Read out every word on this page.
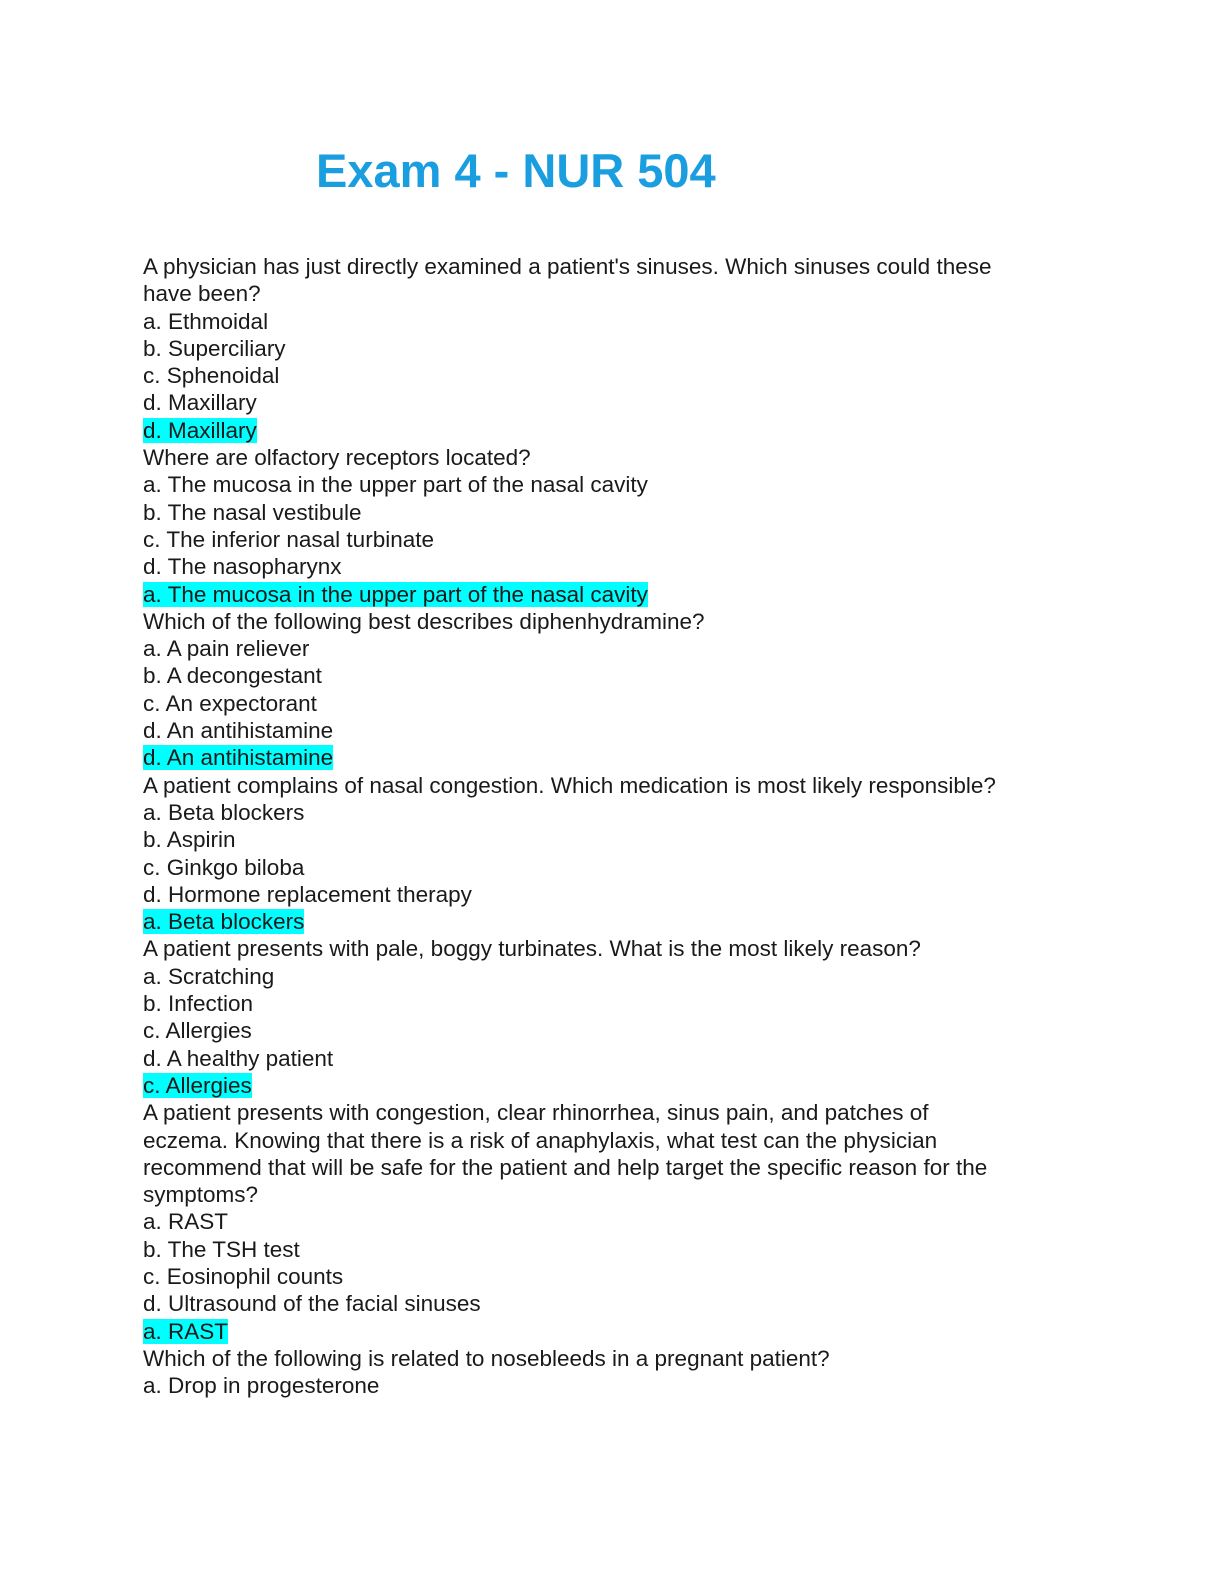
Exam 4 - NUR 504
A physician has just directly examined a patient's sinuses. Which sinuses could these
have been?
a. Ethmoidal
b. Superciliary
c. Sphenoidal
d. Maxillary
d. Maxillary
Where are olfactory receptors located?
a. The mucosa in the upper part of the nasal cavity
b. The nasal vestibule
c. The inferior nasal turbinate
d. The nasopharynx
a. The mucosa in the upper part of the nasal cavity
Which of the following best describes diphenhydramine?
a. A pain reliever
b. A decongestant
c. An expectorant
d. An antihistamine
d. An antihistamine
A patient complains of nasal congestion. Which medication is most likely responsible?
a. Beta blockers
b. Aspirin
c. Ginkgo biloba
d. Hormone replacement therapy
a. Beta blockers
A patient presents with pale, boggy turbinates. What is the most likely reason?
a. Scratching
b. Infection
c. Allergies
d. A healthy patient
c. Allergies
A patient presents with congestion, clear rhinorrhea, sinus pain, and patches of
eczema. Knowing that there is a risk of anaphylaxis, what test can the physician
recommend that will be safe for the patient and help target the specific reason for the
symptoms?
a. RAST
b. The TSH test
c. Eosinophil counts
d. Ultrasound of the facial sinuses
a. RAST
Which of the following is related to nosebleeds in a pregnant patient?
a. Drop in progesterone
